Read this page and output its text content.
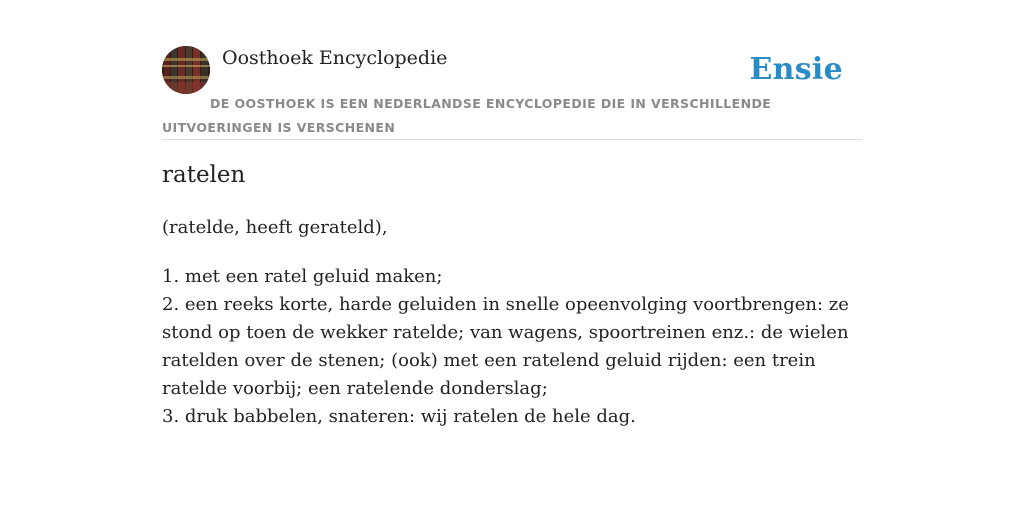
Oosthoek Encyclopedie	Ensie
DE OOSTHOEK IS EEN NEDERLANDSE ENCYCLOPEDIE DIE IN VERSCHILLENDE UITVOERINGEN IS VERSCHENEN
ratelen

(ratelde, heeft gerateld),

1. met een ratel geluid maken;
2. een reeks korte, harde geluiden in snelle opeenvolging voortbrengen: ze stond op toen de wekker ratelde; van wagens, spoortreinen enz.: de wielen ratelden over de stenen; (ook) met een ratelend geluid rijden: een trein ratelde voorbij; een ratelende donderslag;
3. druk babbelen, snateren: wij ratelen de hele dag.
